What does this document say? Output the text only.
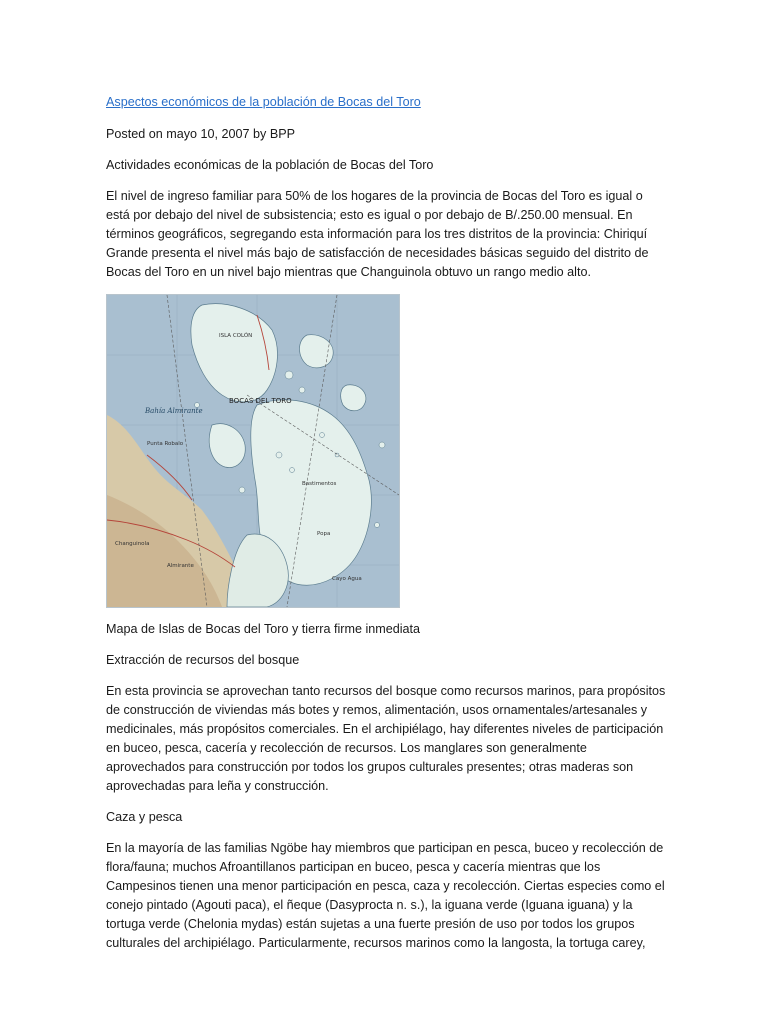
Aspectos económicos de la población de Bocas del Toro

Posted on mayo 10, 2007 by BPP

Actividades económicas de la población de Bocas del Toro

El nivel de ingreso familiar para 50% de los hogares de la provincia de Bocas del Toro es igual o está por debajo del nivel de subsistencia; esto es igual o por debajo de B/.250.00 mensual. En términos geográficos, segregando esta información para los tres distritos de la provincia: Chiriquí Grande presenta el nivel más bajo de satisfacción de necesidades básicas seguido del distrito de Bocas del Toro en un nivel bajo mientras que Changuinola obtuvo un rango medio alto.

ISLA COLÓN
BOCAS DEL TORO
Bahía Almirante
Bastimentos
Popa
Cayo Agua
Punta Robalo
Changuinola
Almirante

Mapa de Islas de Bocas del Toro y tierra firme inmediata

Extracción de recursos del bosque

En esta provincia se aprovechan tanto recursos del bosque como recursos marinos, para propósitos de construcción de viviendas más botes y remos, alimentación, usos ornamentales/artesanales y medicinales, más propósitos comerciales. En el archipiélago, hay diferentes niveles de participación en buceo, pesca, cacería y recolección de recursos. Los manglares son generalmente aprovechados para construcción por todos los grupos culturales presentes; otras maderas son aprovechadas para leña y construcción.

Caza y pesca

En la mayoría de las familias Ngöbe hay miembros que participan en pesca, buceo y recolección de flora/fauna; muchos Afroantillanos participan en buceo, pesca y cacería mientras que los Campesinos tienen una menor participación en pesca, caza y recolección. Ciertas especies como el conejo pintado (Agouti paca), el ñeque (Dasyprocta n. s.), la iguana verde (Iguana iguana) y la tortuga verde (Chelonia mydas) están sujetas a una fuerte presión de uso por todos los grupos culturales del archipiélago. Particularmente, recursos marinos como la langosta, la tortuga carey,
